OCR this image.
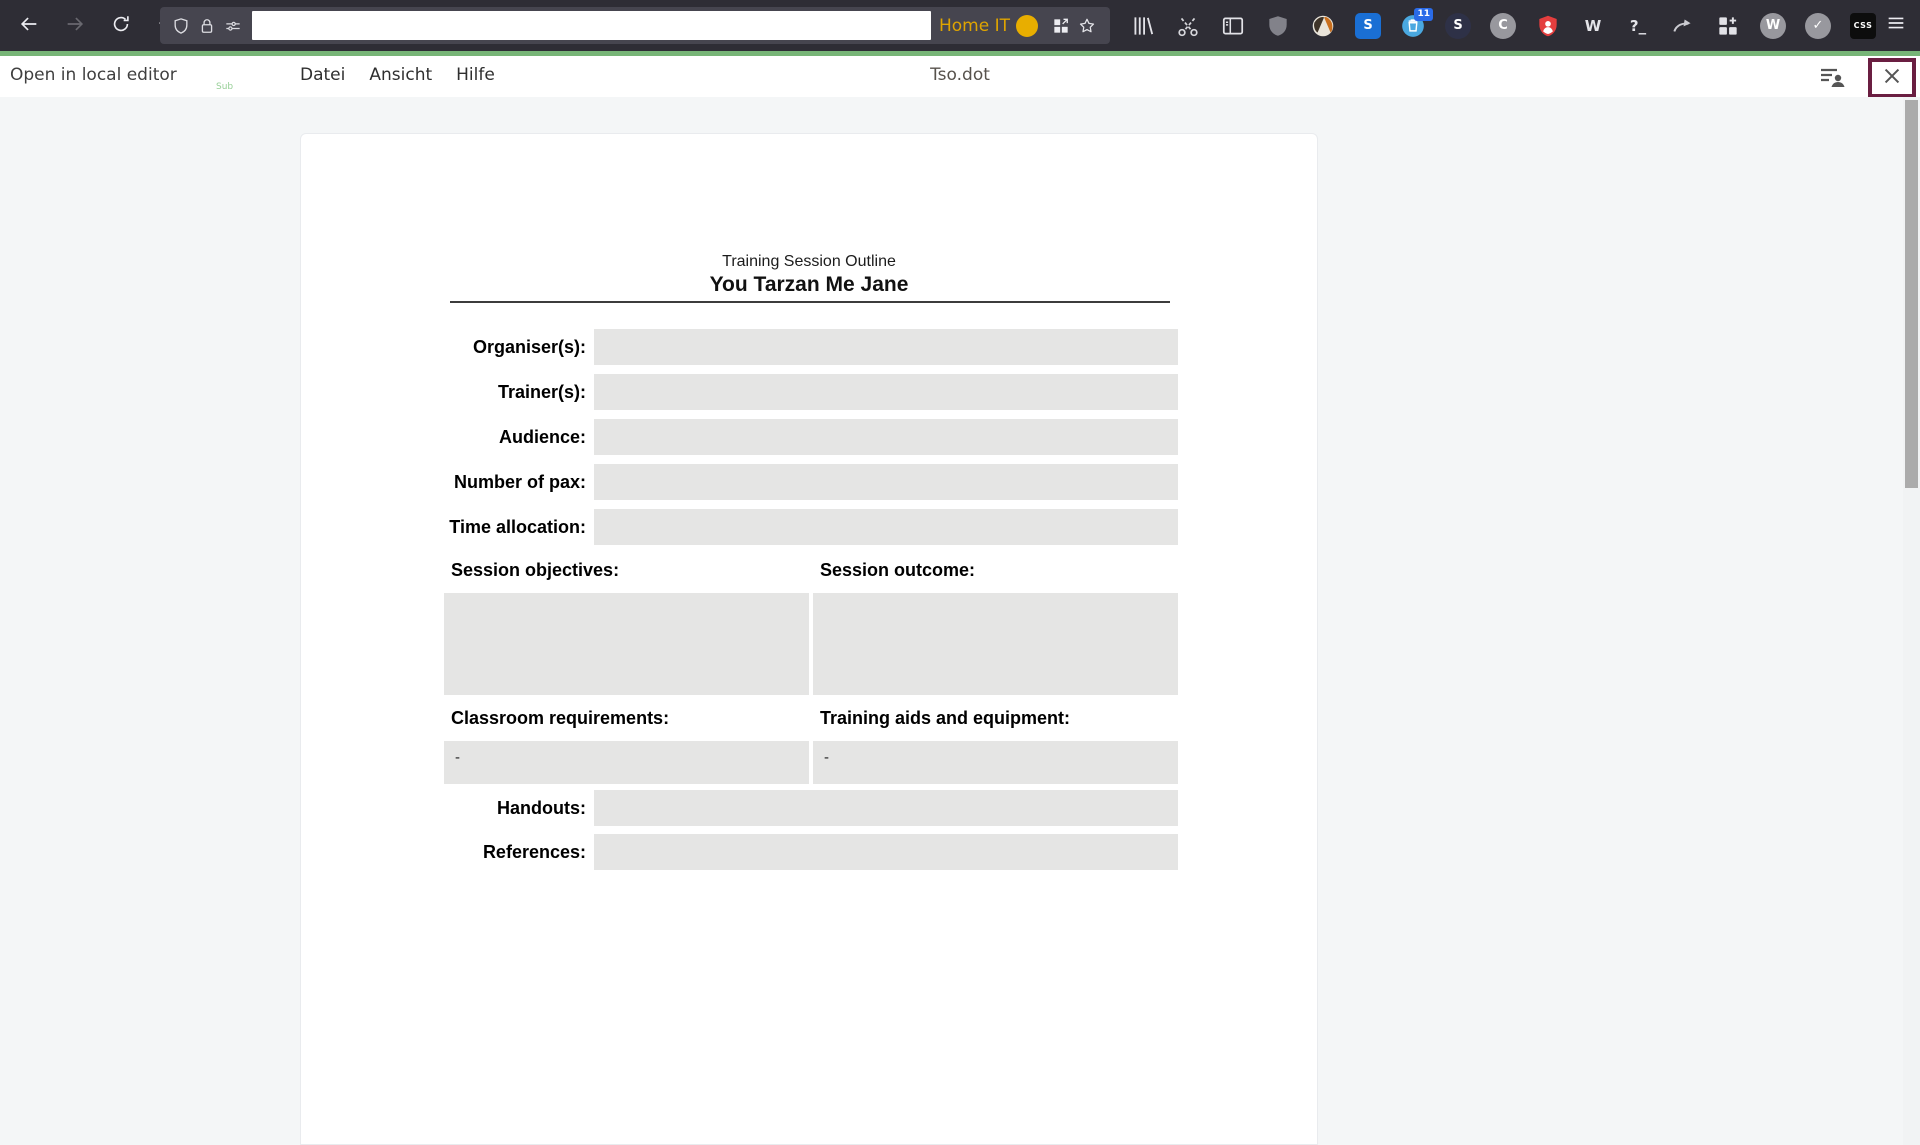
Home IT	S
11
S	C	W	?_	W	✓	CSS
Open in local editor
Sub
Datei Ansicht Hilfe	Tso.dot
Training Session Outline
You Tarzan Me Jane
Organiser(s):
Trainer(s):
Audience:
Number of pax:
Time allocation:
Session objectives:	Session outcome:
Classroom requirements:	Training aids and equipment:
-	-
Handouts:
References:
